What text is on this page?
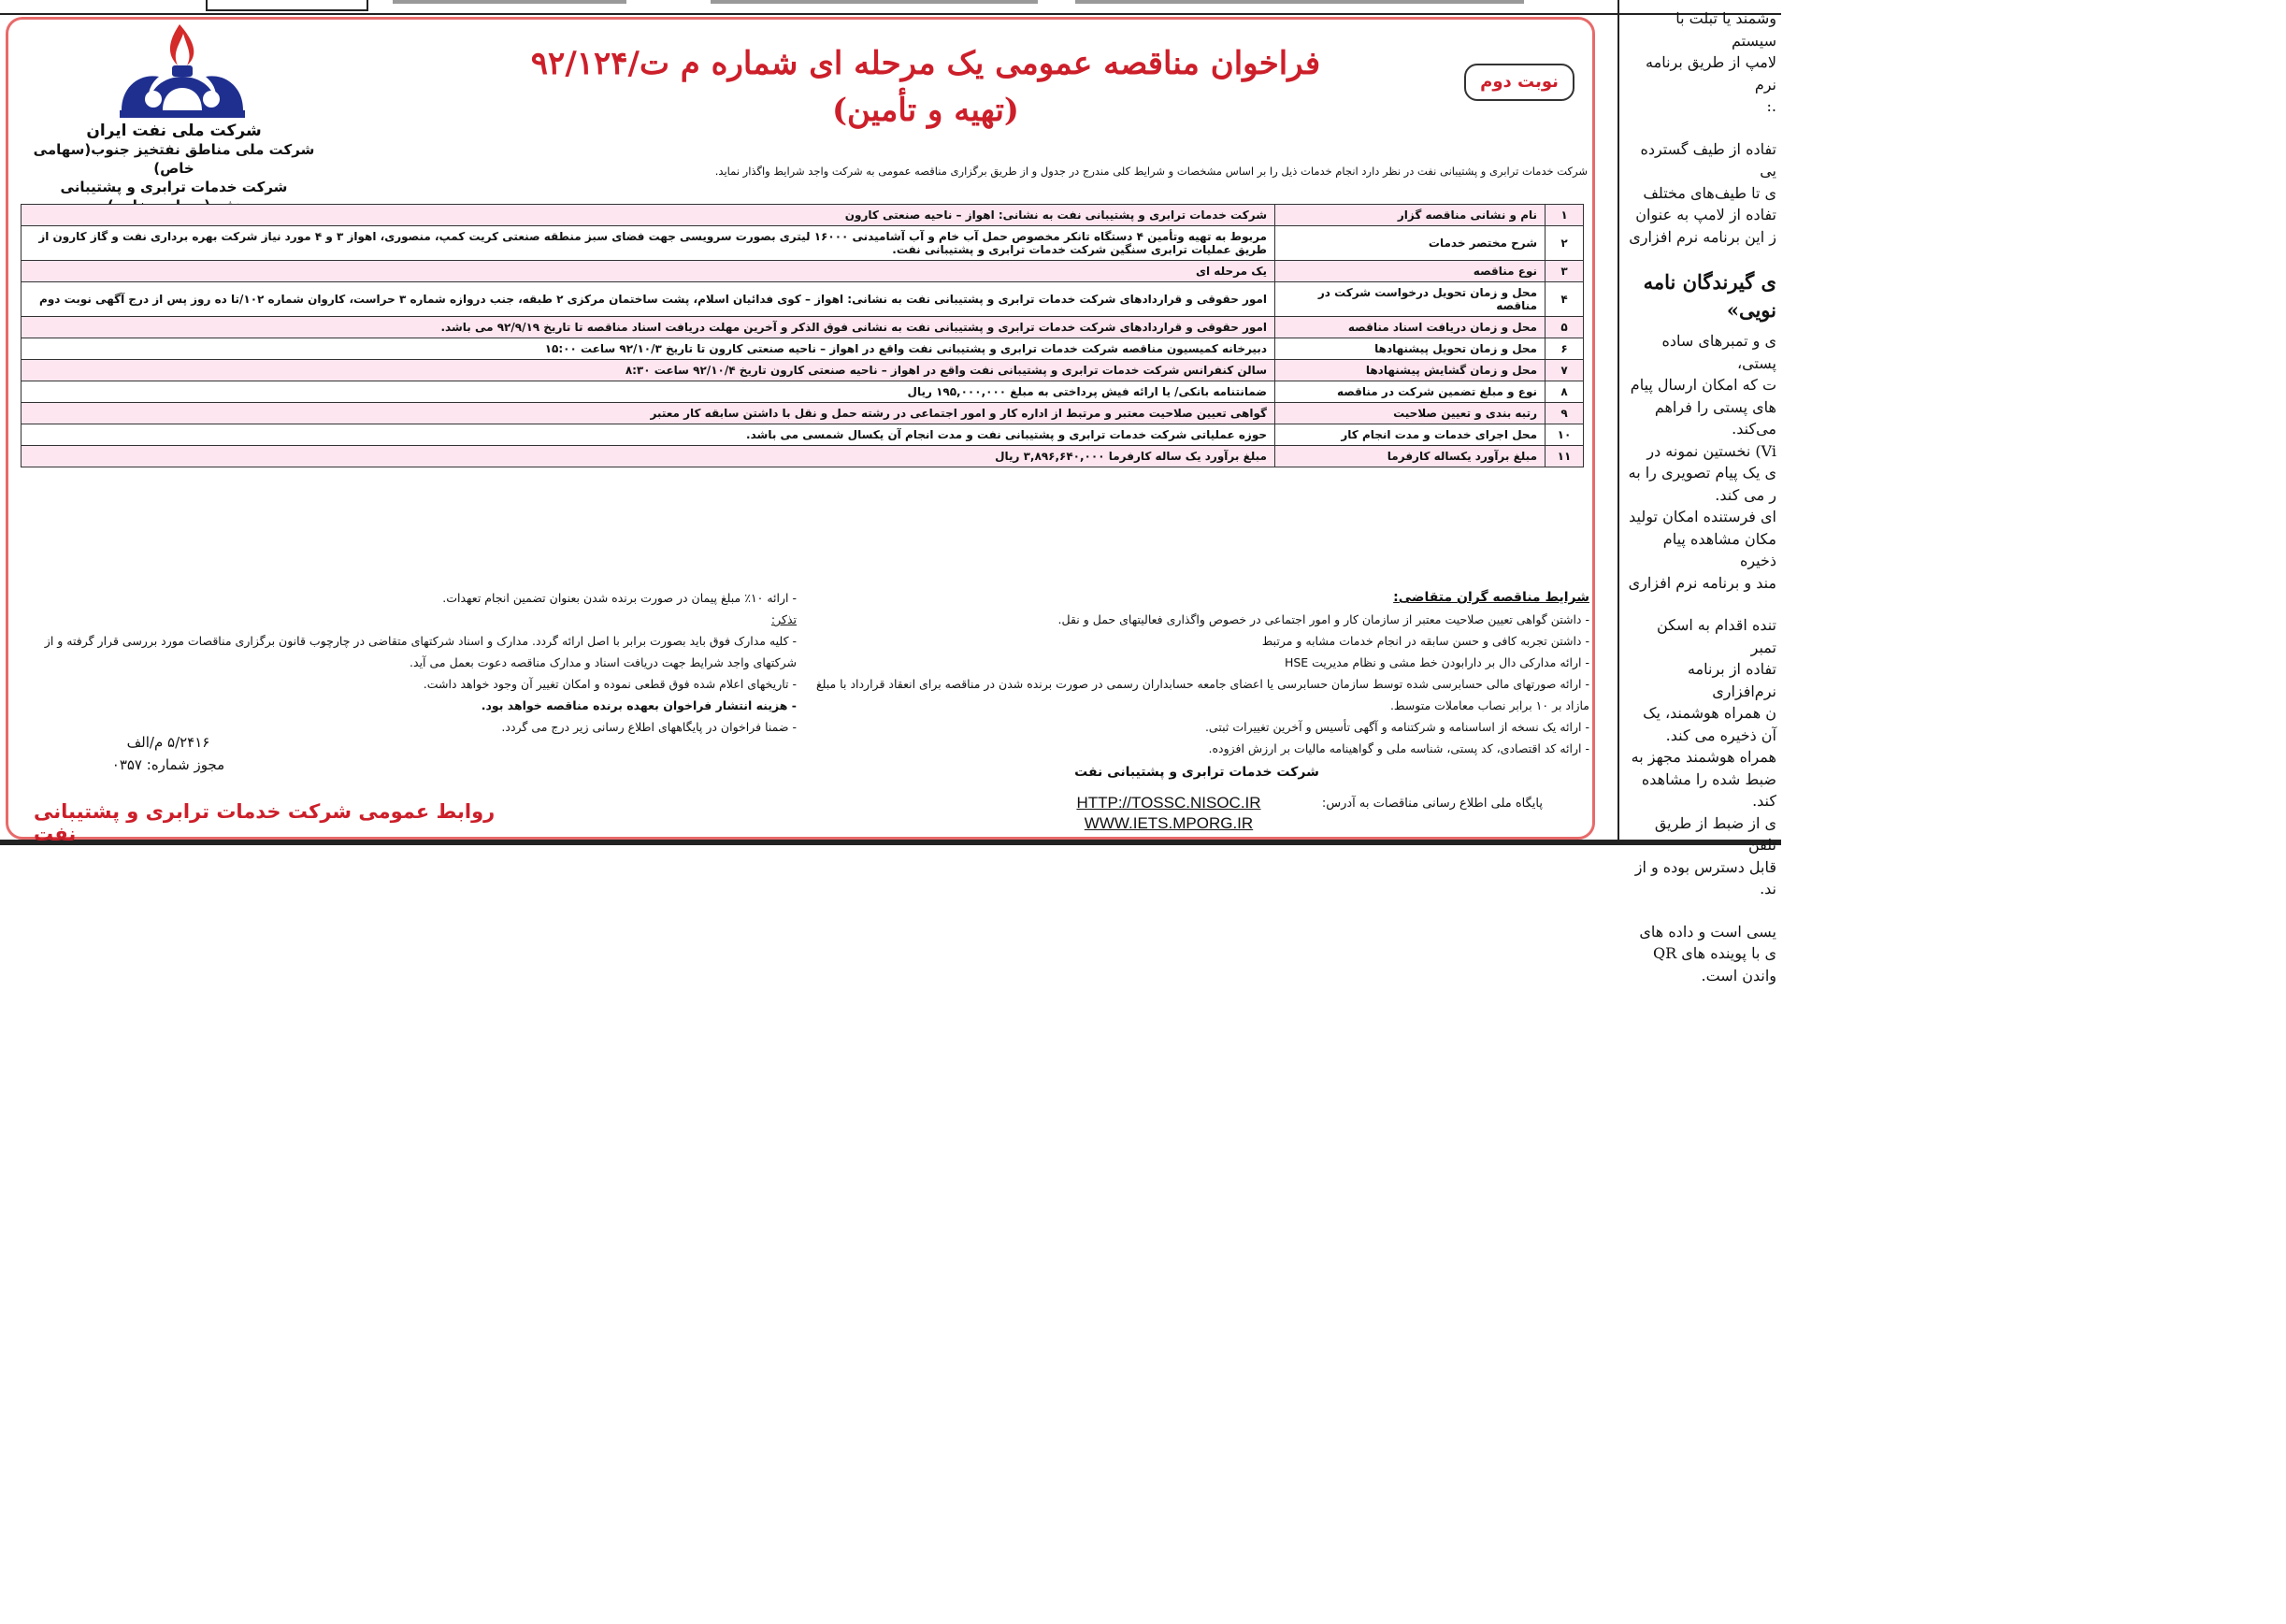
شرکت ملی نفت ایران
شرکت ملی مناطق نفتخیز جنوب(سهامی خاص)
شرکت خدمات ترابری و پشتیبانی
فراخوان مناقصه عمومی یک مرحله ای شماره م ت/۹۲/۱۲۴
(تهیه و تأمین)
نوبت دوم
شرکت خدمات ترابری و پشتیبانی نفت در نظر دارد انجام خدمات ذیل را بر اساس مشخصات و شرایط کلی مندرج در جدول و از طریق برگزاری مناقصه عمومی به شرکت واجد شرایط واگذار نماید.
۱	نام و نشانی مناقصه گزار	شرکت خدمات ترابری و پشتیبانی نفت به نشانی: اهواز – ناحیه صنعتی کارون
۲	شرح مختصر خدمات	مربوط به تهیه وتأمین ۴ دستگاه تانکر مخصوص حمل آب خام و آب آشامیدنی ۱۶۰۰۰ لیتری بصورت سرویسی جهت فضای سبز منطقه صنعتی کریت کمپ، منصوری، اهواز ۳ و ۴ مورد نیاز شرکت بهره برداری نفت و گاز کارون از طریق عملیات ترابری سنگین شرکت خدمات ترابری و پشتیبانی نفت.
۳	نوع مناقصه	یک مرحله ای
۴	محل و زمان تحویل درخواست شرکت در مناقصه	امور حقوقی و قراردادهای شرکت خدمات ترابری و پشتیبانی نفت به نشانی: اهواز – کوی فدائیان اسلام، پشت ساختمان مرکزی ۲ طبقه، جنب دروازه شماره ۳ حراست، کاروان شماره ۱۰۲/تا ده روز پس از درج آگهی نوبت دوم
۵	محل و زمان دریافت اسناد مناقصه	امور حقوقی و قراردادهای شرکت خدمات ترابری و پشتیبانی نفت به نشانی فوق الذکر و آخرین مهلت دریافت اسناد مناقصه تا تاریخ ۹۲/۹/۱۹ می باشد.
۶	محل و زمان تحویل پیشنهادها	دبیرخانه کمیسیون مناقصه شرکت خدمات ترابری و پشتیبانی نفت واقع در اهواز – ناحیه صنعتی کارون تا تاریخ ۹۲/۱۰/۳ ساعت ۱۵:۰۰
۷	محل و زمان گشایش پیشنهادها	سالن کنفرانس شرکت خدمات ترابری و پشتیبانی نفت واقع در اهواز – ناحیه صنعتی کارون تاریخ ۹۲/۱۰/۴ ساعت ۸:۳۰
۸	نوع و مبلغ تضمین شرکت در مناقصه	ضمانتنامه بانکی/ یا ارائه فیش پرداختی به مبلغ ۱۹۵,۰۰۰,۰۰۰ ریال
۹	رتبه بندی و تعیین صلاحیت	گواهی تعیین صلاحیت معتبر و مرتبط از اداره کار و امور اجتماعی در رشته حمل و نقل با داشتن سابقه کار معتبر
۱۰	محل اجرای خدمات و مدت انجام کار	حوزه عملیاتی شرکت خدمات ترابری و پشتیبانی نفت و مدت انجام آن یکسال شمسی می باشد.
۱۱	مبلغ برآورد یکساله کارفرما	مبلغ برآورد یک ساله کارفرما ۳,۸۹۶,۶۴۰,۰۰۰ ریال
شرایط مناقصه گران متقاضی:
- داشتن گواهی تعیین صلاحیت معتبر از سازمان کار و امور اجتماعی در خصوص واگذاری فعالیتهای حمل و نقل.
- داشتن تجربه کافی و حسن سابقه در انجام خدمات مشابه و مرتبط
- ارائه مدارکی دال بر دارابودن خط مشی و نظام مدیریت HSE
- ارائه صورتهای مالی حسابرسی شده توسط سازمان حسابرسی یا اعضای جامعه حسابداران رسمی در صورت برنده شدن در مناقصه برای انعقاد قرارداد با مبلغ مازاد بر ۱۰ برابر نصاب معاملات متوسط.
- ارائه یک نسخه از اساسنامه و شرکتنامه و آگهی تأسیس و آخرین تغییرات ثبتی.
- ارائه کد اقتصادی، کد پستی، شناسه ملی و گواهینامه مالیات بر ارزش افزوده.
- ارائه ۱۰٪ مبلغ پیمان در صورت برنده شدن بعنوان تضمین انجام تعهدات.
تذکر:
- کلیه مدارک فوق باید بصورت برابر با اصل ارائه گردد. مدارک و اسناد شرکتهای متقاضی در چارچوب قانون برگزاری مناقصات مورد بررسی قرار گرفته و از شرکتهای واجد شرایط جهت دریافت اسناد و مدارک مناقصه دعوت بعمل می آید.
- تاریخهای اعلام شده فوق قطعی نموده و امکان تغییر آن وجود خواهد داشت.
- هزینه انتشار فراخوان بعهده برنده مناقصه خواهد بود.
- ضمنا فراخوان در پایگاههای اطلاع رسانی زیر درج می گردد.
شرکت خدمات ترابری و پشتیبانی نفت
پایگاه ملی اطلاع رسانی مناقصات به آدرس:
HTTP://TOSSC.NISOC.IR
WWW.IETS.MPORG.IR
۵/۲۴۱۶ م/الف
مجوز شماره: ۰۳۵۷
روابط عمومی شرکت خدمات ترابری و پشتیبانی نفت
وشمند یا تبلت با سیستم
لامپ از طریق برنامه نرم
.:
تفاده از طیف گسترده‌ یی
ی تا طیف‌های مختلف
تفاده از لامپ به عنوان
ز این برنامه نرم افزاری
ی گیرندگان نامه
نویی»
ی و تمبرهای ساده پستی،
ت که امکان ارسال پیام
های پستی را فراهم می‌کند.
Vi) نخستین نمونه در
ی یک پیام تصویری را به
ر می کند.
ای فرستنده امکان تولید
مکان مشاهده پیام ذخیره
مند و برنامه نرم افزاری
تنده اقدام به اسکن تمبر
تفاده از برنامه نرم‌افزاری
ن همراه هوشمند، یک
آن ذخیره می کند.
همراه هوشمند مجهز به
ضبط شده را مشاهده کند.
ی از ضبط از طریق تلفن
قابل دسترس بوده و از
ند.
یسی است و داده های
ی با پوینده های QR
واندن است.
